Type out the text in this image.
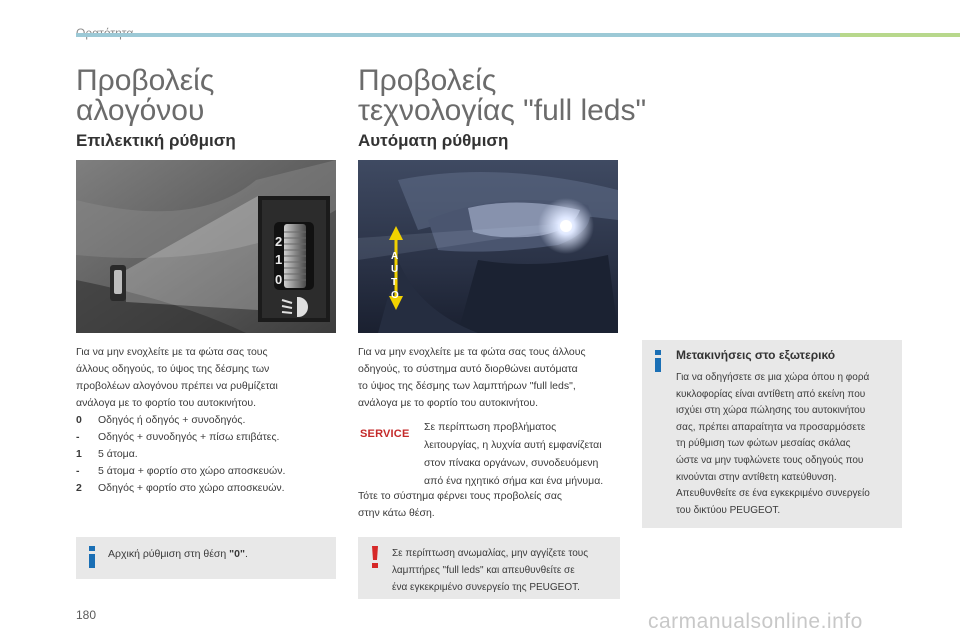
Προβολείς
αλογόνου
Επιλεκτική ρύθμιση
2
1
0
Για να μην ενοχλείτε με τα φώτα σας τους
άλλους οδηγούς, το ύψος της δέσμης των
προβολέων αλογόνου πρέπει να ρυθμίζεται
ανάλογα με το φορτίο του αυτοκινήτου.
0	Οδηγός ή οδηγός + συνοδηγός.
-	Οδηγός + συνοδηγός + πίσω επιβάτες.
1	5 άτομα.
-	5 άτομα + φορτίο στο χώρο αποσκευών.
2	Οδηγός + φορτίο στο χώρο αποσκευών.
Αρχική ρύθμιση στη θέση "0".
Προβολείς
τεχνολογίας "full leds"
Αυτόματη ρύθμιση
A
U
T
O
Για να μην ενοχλείτε με τα φώτα σας τους άλλους
οδηγούς, το σύστημα αυτό διορθώνει αυτόματα
το ύψος της δέσμης των λαμπτήρων "full leds",
ανάλογα με το φορτίο του αυτοκινήτου.
SERVICE
Σε περίπτωση προβλήματος
λειτουργίας, η λυχνία αυτή εμφανίζεται
στον πίνακα οργάνων, συνοδευόμενη
από ένα ηχητικό σήμα και ένα μήνυμα.
Τότε το σύστημα φέρνει τους προβολείς σας
στην κάτω θέση.
Σε περίπτωση ανωμαλίας, μην αγγίζετε τους
λαμπτήρες "full leds" και απευθυνθείτε σε
ένα εγκεκριμένο συνεργείο της PEUGEOT.
Μετακινήσεις στο εξωτερικό
Για να οδηγήσετε σε μια χώρα όπου η φορά
κυκλοφορίας είναι αντίθετη από εκείνη που
ισχύει στη χώρα πώλησης του αυτοκινήτου
σας, πρέπει απαραίτητα να προσαρμόσετε
τη ρύθμιση των φώτων μεσαίας σκάλας
ώστε να μην τυφλώνετε τους οδηγούς που
κινούνται στην αντίθετη κατεύθυνση.
Απευθυνθείτε σε ένα εγκεκριμένο συνεργείο
του δικτύου PEUGEOT.
180	carmanualsonline.info
